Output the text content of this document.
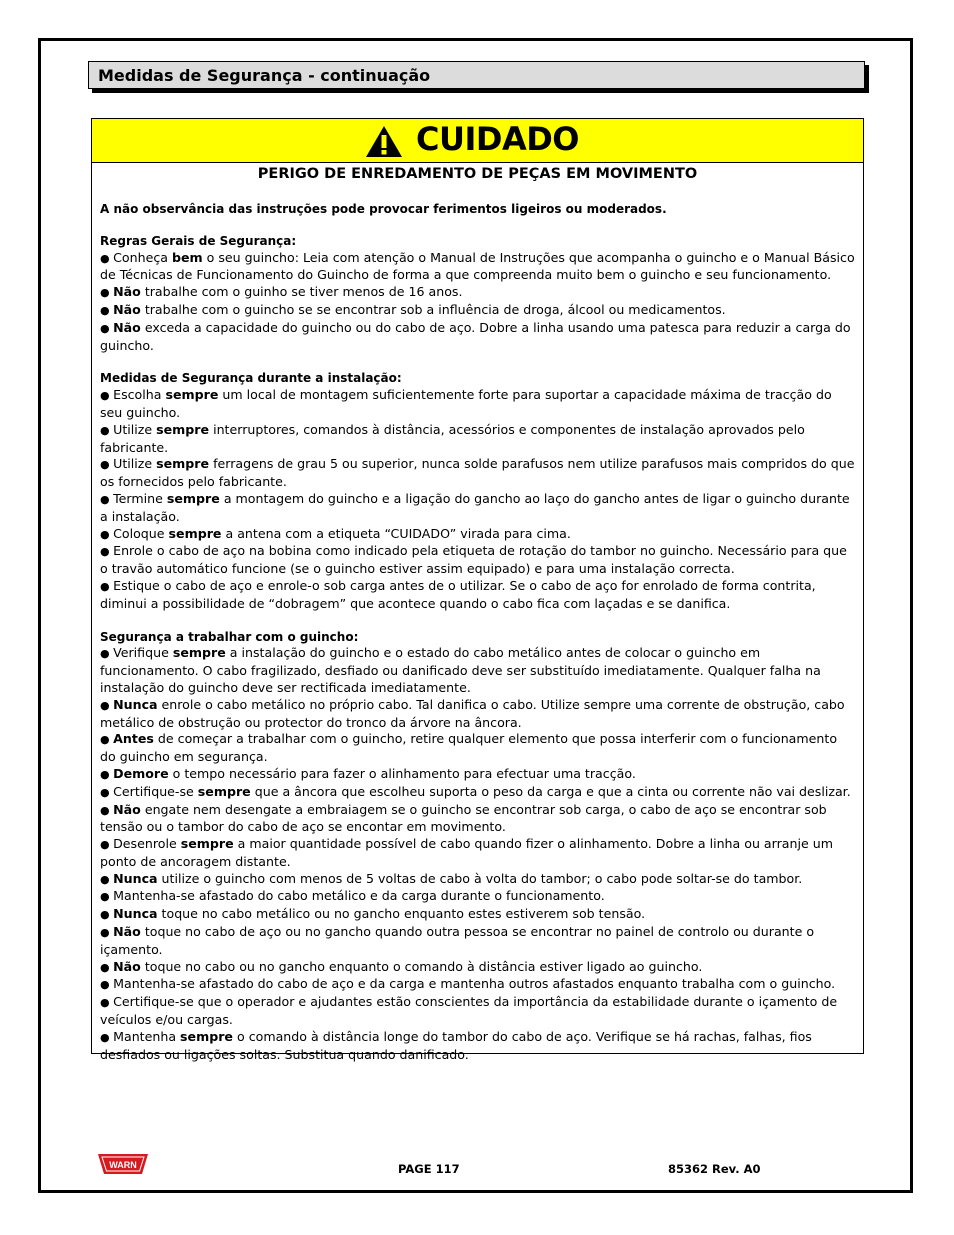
Medidas de Segurança - continuação
CUIDADO
PERIGO DE ENREDAMENTO DE PEÇAS EM MOVIMENTO

A não observância das instruções pode provocar ferimentos ligeiros ou moderados.

Regras Gerais de Segurança:

● Conheça bem o seu guincho: Leia com atenção o Manual de Instruções que acompanha o guincho e o Manual Básico de Técnicas de Funcionamento do Guincho de forma a que compreenda muito bem o guincho e seu funcionamento.

● Não trabalhe com o guinho se tiver menos de 16 anos.

● Não trabalhe com o guincho se se encontrar sob a influência de droga, álcool ou medicamentos.

● Não exceda a capacidade do guincho ou do cabo de aço. Dobre a linha usando uma patesca para reduzir a carga do guincho.

Medidas de Segurança durante a instalação:

● Escolha sempre um local de montagem suficientemente forte para suportar a capacidade máxima de tracção do seu guincho.

● Utilize sempre interruptores, comandos à distância, acessórios e componentes de instalação aprovados pelo fabricante.

● Utilize sempre ferragens de grau 5 ou superior, nunca solde parafusos nem utilize parafusos mais compridos do que os fornecidos pelo fabricante.

● Termine sempre a montagem do guincho e a ligação do gancho ao laço do gancho antes de ligar o guincho durante a instalação.

● Coloque sempre a antena com a etiqueta “CUIDADO” virada para cima.

● Enrole o cabo de aço na bobina como indicado pela etiqueta de rotação do tambor no guincho. Necessário para que o travão automático funcione (se o guincho estiver assim equipado) e para uma instalação correcta.

● Estique o cabo de aço e enrole-o sob carga antes de o utilizar. Se o cabo de aço for enrolado de forma contrita, diminui a possibilidade de “dobragem” que acontece quando o cabo fica com laçadas e se danifica.

Segurança a trabalhar com o guincho:

● Verifique sempre a instalação do guincho e o estado do cabo metálico antes de colocar o guincho em funcionamento. O cabo fragilizado, desfiado ou danificado deve ser substituído imediatamente. Qualquer falha na instalação do guincho deve ser rectificada imediatamente.

● Nunca enrole o cabo metálico no próprio cabo. Tal danifica o cabo. Utilize sempre uma corrente de obstrução, cabo metálico de obstrução ou protector do tronco da árvore na âncora.

● Antes de começar a trabalhar com o guincho, retire qualquer elemento que possa interferir com o funcionamento do guincho em segurança.

● Demore o tempo necessário para fazer o alinhamento para efectuar uma tracção.

● Certifique-se sempre que a âncora que escolheu suporta o peso da carga e que a cinta ou corrente não vai deslizar.

● Não engate nem desengate a embraiagem se o guincho se encontrar sob carga, o cabo de aço se encontrar sob tensão ou o tambor do cabo de aço se encontar em movimento.

● Desenrole sempre a maior quantidade possível de cabo quando fizer o alinhamento. Dobre a linha ou arranje um ponto de ancoragem distante.

● Nunca utilize o guincho com menos de 5 voltas de cabo à volta do tambor; o cabo pode soltar-se do tambor.

● Mantenha-se afastado do cabo metálico e da carga durante o funcionamento.

● Nunca toque no cabo metálico ou no gancho enquanto estes estiverem sob tensão.

● Não toque no cabo de aço ou no gancho quando outra pessoa se encontrar no painel de controlo ou durante o içamento.

● Não toque no cabo ou no gancho enquanto o comando à distância estiver ligado ao guincho.

● Mantenha-se afastado do cabo de aço e da carga e mantenha outros afastados enquanto trabalha com o guincho.

● Certifique-se que o operador e ajudantes estão conscientes da importância da estabilidade durante o içamento de veículos e/ou cargas.

● Mantenha sempre o comando à distância longe do tambor do cabo de aço. Verifique se há rachas, falhas, fios desfiados ou ligações soltas. Substitua quando danificado.

WARN	PAGE 117	85362 Rev. A0
